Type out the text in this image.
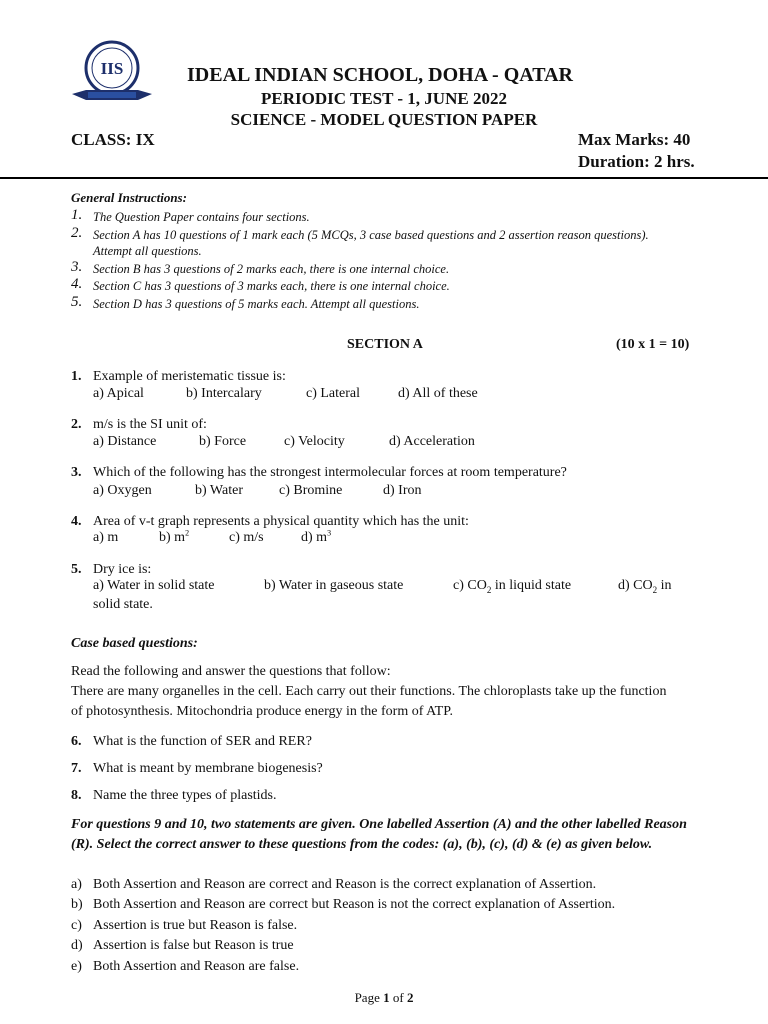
IIS	IDEAL INDIAN SCHOOL, DOHA - QATAR
PERIODIC TEST - 1, JUNE 2022
SCIENCE - MODEL QUESTION PAPER
CLASS: IX	Max Marks: 40
Duration: 2 hrs.
General Instructions:
1. The Question Paper contains four sections.
2. Section A has 10 questions of 1 mark each (5 MCQs, 3 case based questions and 2 assertion reason questions). Attempt all questions.
3. Section B has 3 questions of 2 marks each, there is one internal choice.
4. Section C has 3 questions of 3 marks each, there is one internal choice.
5. Section D has 3 questions of 5 marks each. Attempt all questions.
SECTION A	(10 x 1 = 10)
1. Example of meristematic tissue is:
a) Apical	b) Intercalary	c) Lateral	d) All of these
2. m/s is the SI unit of:
a) Distance	b) Force	c) Velocity	d) Acceleration
3. Which of the following has the strongest intermolecular forces at room temperature?
a) Oxygen	b) Water	c) Bromine	d) Iron
4. Area of v-t graph represents a physical quantity which has the unit:
a) m	b) $m^2$	c) m/s	d) $m^3$
5. Dry ice is:
a) Water in solid state	b) Water in gaseous state	c) $CO_2$ in liquid state	d) $CO_2$ in
solid state.
Case based questions:
Read the following and answer the questions that follow:
There are many organelles in the cell. Each carry out their functions. The chloroplasts take up the function of photosynthesis. Mitochondria produce energy in the form of ATP.
6. What is the function of SER and RER?
7. What is meant by membrane biogenesis?
8. Name the three types of plastids.
For questions 9 and 10, two statements are given. One labelled Assertion (A) and the other labelled Reason (R). Select the correct answer to these questions from the codes: (a), (b), (c), (d) & (e) as given below.
a) Both Assertion and Reason are correct and Reason is the correct explanation of Assertion.
b) Both Assertion and Reason are correct but Reason is not the correct explanation of Assertion.
c) Assertion is true but Reason is false.
d) Assertion is false but Reason is true
e) Both Assertion and Reason are false.
Page 1 of 2
